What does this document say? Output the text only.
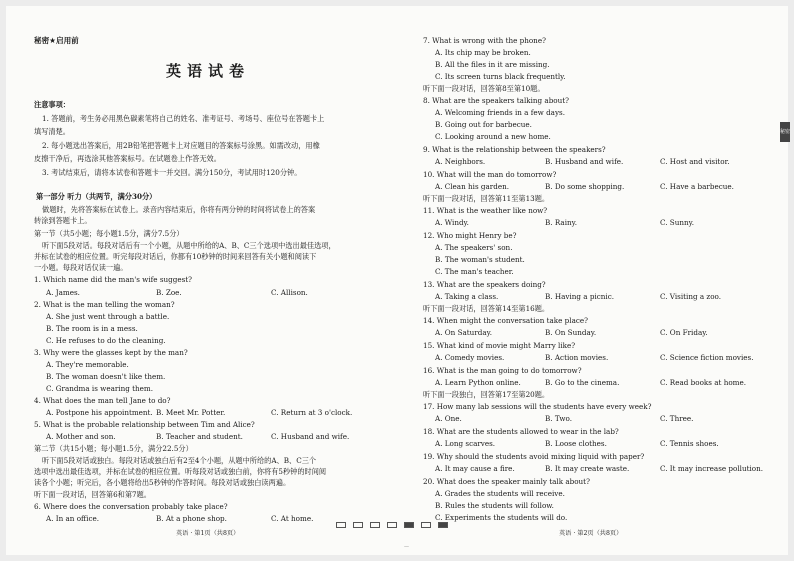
秘密★启用前
英语试卷
注意事项：
1. 答题前，考生务必用黑色碳素笔将自己的姓名、准考证号、考场号、座位号在答题卡上
填写清楚。
2. 每小题选出答案后，用2B铅笔把答题卡上对应题目的答案标号涂黑。如需改动，用橡
皮擦干净后，再选涂其他答案标号。在试题卷上作答无效。
3. 考试结束后，请将本试卷和答题卡一并交回。满分150分，考试用时120分钟。
第一部分 听力（共两节，满分30分）
做题时，先将答案标在试卷上。录音内容结束后，你将有两分钟的时间将试卷上的答案
转涂到答题卡上。
第一节（共5小题；每小题1.5分，满分7.5分）
听下面5段对话。每段对话后有一个小题，从题中所给的A、B、C三个选项中选出最佳选项，
并标在试卷的相应位置。听完每段对话后，你都有10秒钟的时间来回答有关小题和阅读下
一小题。每段对话仅读一遍。
1. Which name did the man's wife suggest?
A. James.	B. Zoe.	C. Allison.
2. What is the man telling the woman?
A. She just went through a battle.
B. The room is in a mess.
C. He refuses to do the cleaning.
3. Why were the glasses kept by the man?
A. They're memorable.
B. The woman doesn't like them.
C. Grandma is wearing them.
4. What does the man tell Jane to do?
A. Postpone his appointment. B. Meet Mr. Potter.	C. Return at 3 o'clock.
5. What is the probable relationship between Tim and Alice?
A. Mother and son.	B. Teacher and student.	C. Husband and wife.
第二节（共15小题；每小题1.5分，满分22.5分）
听下面5段对话或独白。每段对话或独白后有2至4个小题，从题中所给的A、B、C三个
选项中选出最佳选项，并标在试卷的相应位置。听每段对话或独白前，你将有5秒钟的时间阅
读各个小题；听完后，各小题将给出5秒钟的作答时间。每段对话或独白读两遍。
听下面一段对话，回答第6和第7题。
6. Where does the conversation probably take place?
A. In an office.	B. At a phone shop.	C. At home.
英语 · 第1页（共8页）
7. What is wrong with the phone?
A. Its chip may be broken.
B. All the files in it are missing.
C. Its screen turns black frequently.
听下面一段对话，回答第8至第10题。
8. What are the speakers talking about?
A. Welcoming friends in a few days.
B. Going out for barbecue.
C. Looking around a new home.
9. What is the relationship between the speakers?
A. Neighbors.	B. Husband and wife.	C. Host and visitor.
10. What will the man do tomorrow?
A. Clean his garden.	B. Do some shopping.	C. Have a barbecue.
听下面一段对话，回答第11至第13题。
11. What is the weather like now?
A. Windy.	B. Rainy.	C. Sunny.
12. Who might Henry be?
A. The speakers' son.
B. The woman's student.
C. The man's teacher.
13. What are the speakers doing?
A. Taking a class.	B. Having a picnic.	C. Visiting a zoo.
听下面一段对话，回答第14至第16题。
14. When might the conversation take place?
A. On Saturday.	B. On Sunday.	C. On Friday.
15. What kind of movie might Marry like?
A. Comedy movies.	B. Action movies.	C. Science fiction movies.
16. What is the man going to do tomorrow?
A. Learn Python online.	B. Go to the cinema.	C. Read books at home.
听下面一段独白，回答第17至第20题。
17. How many lab sessions will the students have every week?
A. One.	B. Two.	C. Three.
18. What are the students allowed to wear in the lab?
A. Long scarves.	B. Loose clothes.	C. Tennis shoes.
19. Why should the students avoid mixing liquid with paper?
A. It may cause a fire.	B. It may create waste.	C. It may increase pollution.
20. What does the speaker mainly talk about?
A. Grades the students will receive.
B. Rules the students will follow.
C. Experiments the students will do.
英语 · 第2页（共8页）
秘密
—
